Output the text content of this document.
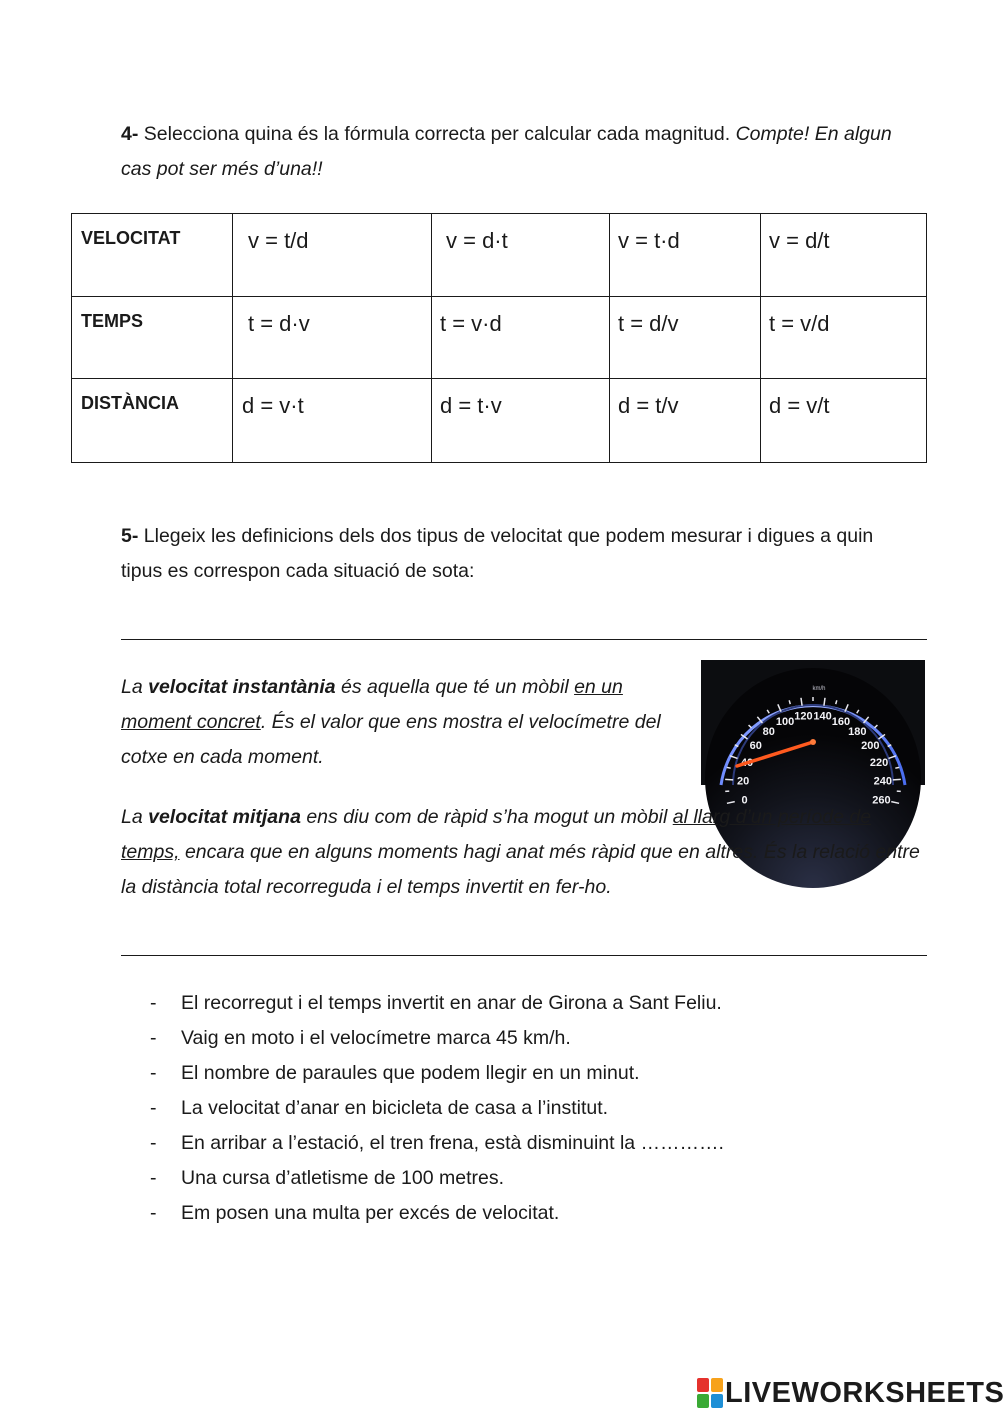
4- Selecciona quina és la fórmula correcta per calcular cada magnitud. Compte! En algun cas pot ser més d’una!!
VELOCITAT	v = t/d	v = d·t	v = t·d	v = d/t

TEMPS	t = d·v	t = v·d	t = d/v	t = v/d

DISTÀNCIA	d = v·t	d = t·v	d = t/v	d = v/t
5- Llegeix les definicions dels dos tipus de velocitat que podem mesurar i digues a quin tipus es correspon cada situació de sota:
La velocitat instantània és aquella que té un mòbil en un moment concret. És el valor que ens mostra el velocímetre del cotxe en cada moment.
0
20
60
80
100 120 140 160
180
200
220
240
260
km/h
La velocitat mitjana ens diu com de ràpid s’ha mogut un mòbil al llarg d’un període de temps, encara que en alguns moments hagi anat més ràpid que en altres. És la relació entre la distància total recorreguda i el temps invertit en fer-ho.
-	El recorregut i el temps invertit en anar de Girona a Sant Feliu.
-	Vaig en moto i el velocímetre marca 45 km/h.
-	El nombre de paraules que podem llegir en un minut.
-	La velocitat d’anar en bicicleta de casa a l’institut.
-	En arribar a l’estació, el tren frena, està disminuint la ………….
-	Una cursa d’atletisme de 100 metres.
-	Em posen una multa per excés de velocitat.
LIVEWORKSHEETS
